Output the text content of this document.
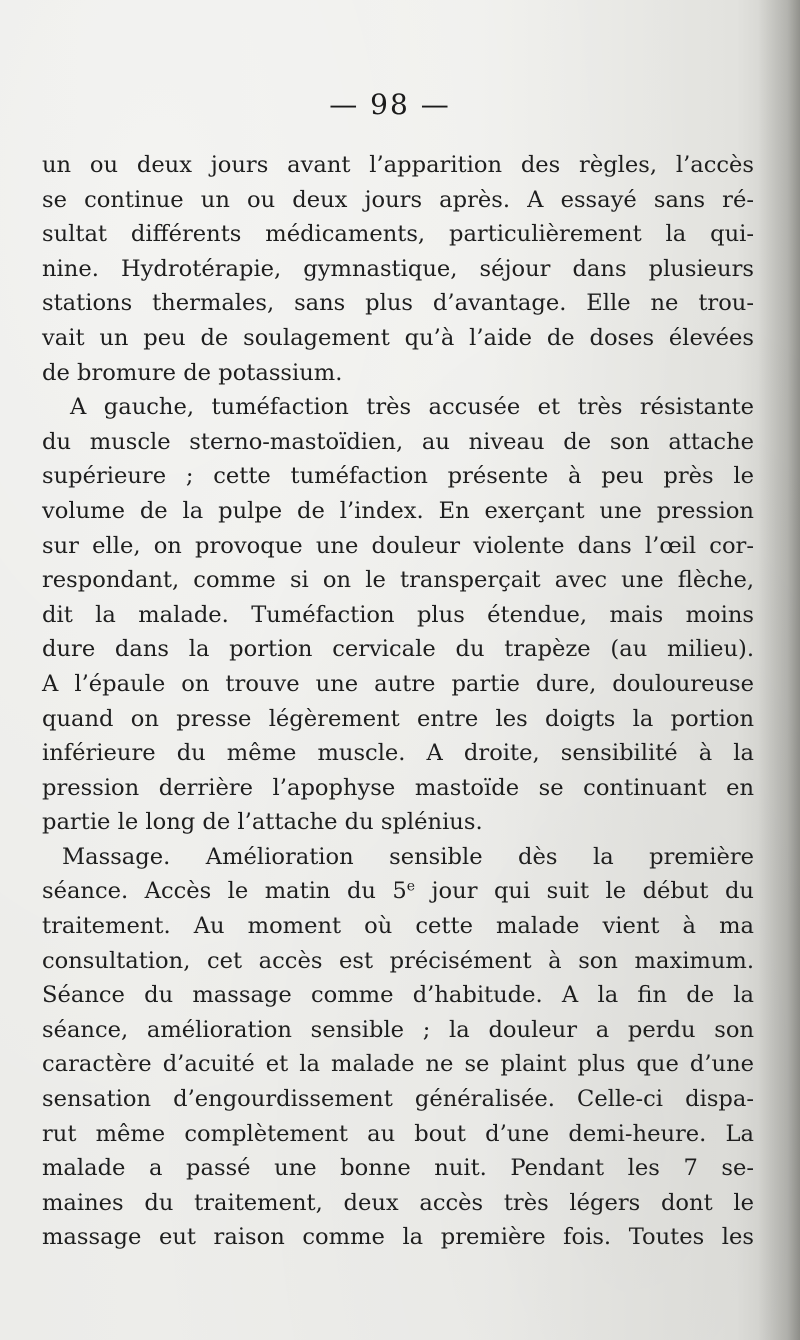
— 98 —
un ou deux jours avant l’apparition des règles, l’accès
se continue un ou deux jours après. A essayé sans ré-
sultat différents médicaments, particulièrement la qui-
nine. Hydrotérapie, gymnastique, séjour dans plusieurs
stations thermales, sans plus d’avantage. Elle ne trou-
vait un peu de soulagement qu’à l’aide de doses élevées
de bromure de potassium.
A gauche, tuméfaction très accusée et très résistante
du muscle sterno-mastoïdien, au niveau de son attache
supérieure ; cette tuméfaction présente à peu près le
volume de la pulpe de l’index. En exerçant une pression
sur elle, on provoque une douleur violente dans l’œil cor-
respondant, comme si on le transperçait avec une flèche,
dit la malade. Tuméfaction plus étendue, mais moins
dure dans la portion cervicale du trapèze (au milieu).
A l’épaule on trouve une autre partie dure, douloureuse
quand on presse légèrement entre les doigts la portion
inférieure du même muscle. A droite, sensibilité à la
pression derrière l’apophyse mastoïde se continuant en
partie le long de l’attache du splénius.
Massage. Amélioration sensible dès la première
séance. Accès le matin du 5e jour qui suit le début du
traitement. Au moment où cette malade vient à ma
consultation, cet accès est précisément à son maximum.
Séance du massage comme d’habitude. A la fin de la
séance, amélioration sensible ; la douleur a perdu son
caractère d’acuité et la malade ne se plaint plus que d’une
sensation d’engourdissement généralisée. Celle-ci dispa-
rut même complètement au bout d’une demi-heure. La
malade a passé une bonne nuit. Pendant les 7 se-
maines du traitement, deux accès très légers dont le
massage eut raison comme la première fois. Toutes les
